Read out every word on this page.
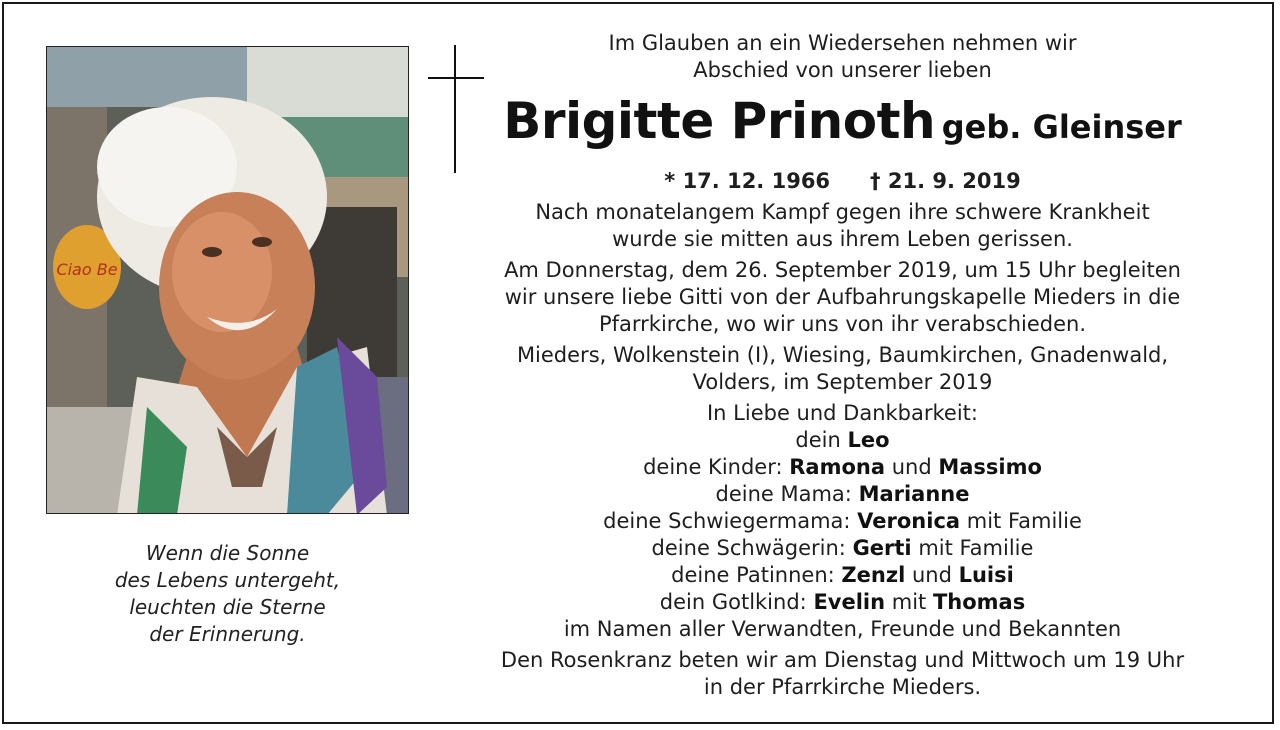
Ciao Be
Wenn die Sonne
des Lebens untergeht,
leuchten die Sterne
der Erinnerung.
Im Glauben an ein Wiedersehen nehmen wir
Abschied von unserer lieben
Brigitte Prinoth geb. Gleinser
* 17. 12. 1966 † 21. 9. 2019
Nach monatelangem Kampf gegen ihre schwere Krankheit
wurde sie mitten aus ihrem Leben gerissen.
Am Donnerstag, dem 26. September 2019, um 15 Uhr begleiten
wir unsere liebe Gitti von der Aufbahrungskapelle Mieders in die
Pfarrkirche, wo wir uns von ihr verabschieden.
Mieders, Wolkenstein (I), Wiesing, Baumkirchen, Gnadenwald,
Volders, im September 2019
In Liebe und Dankbarkeit:
dein Leo
deine Kinder: Ramona und Massimo
deine Mama: Marianne
deine Schwiegermama: Veronica mit Familie
deine Schwägerin: Gerti mit Familie
deine Patinnen: Zenzl und Luisi
dein Gotlkind: Evelin mit Thomas
im Namen aller Verwandten, Freunde und Bekannten
Den Rosenkranz beten wir am Dienstag und Mittwoch um 19 Uhr
in der Pfarrkirche Mieders.
